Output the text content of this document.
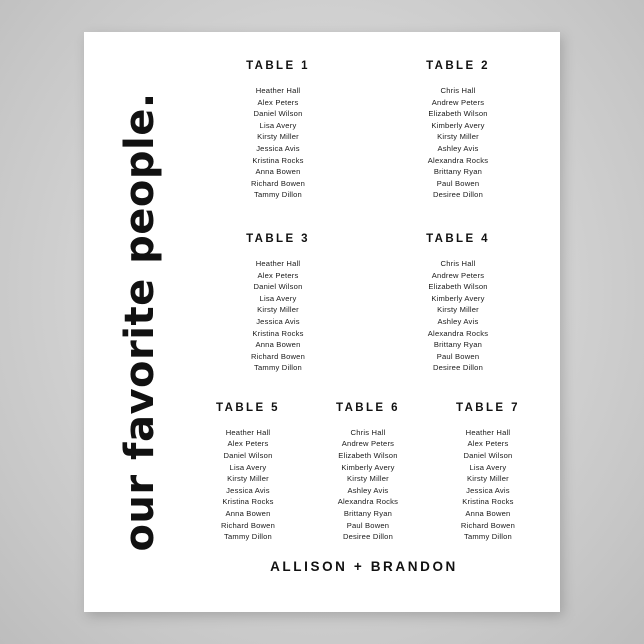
our favorite people.
TABLE 1
Heather Hall
Alex Peters
Daniel Wilson
Lisa Avery
Kirsty Miller
Jessica Avis
Kristina Rocks
Anna Bowen
Richard Bowen
Tammy Dillon
TABLE 2
Chris Hall
Andrew Peters
Elizabeth Wilson
Kimberly Avery
Kirsty Miller
Ashley Avis
Alexandra Rocks
Brittany Ryan
Paul Bowen
Desiree Dillon
TABLE 3
Heather Hall
Alex Peters
Daniel Wilson
Lisa Avery
Kirsty Miller
Jessica Avis
Kristina Rocks
Anna Bowen
Richard Bowen
Tammy Dillon
TABLE 4
Chris Hall
Andrew Peters
Elizabeth Wilson
Kimberly Avery
Kirsty Miller
Ashley Avis
Alexandra Rocks
Brittany Ryan
Paul Bowen
Desiree Dillon
TABLE 5
Heather Hall
Alex Peters
Daniel Wilson
Lisa Avery
Kirsty Miller
Jessica Avis
Kristina Rocks
Anna Bowen
Richard Bowen
Tammy Dillon
TABLE 6
Chris Hall
Andrew Peters
Elizabeth Wilson
Kimberly Avery
Kirsty Miller
Ashley Avis
Alexandra Rocks
Brittany Ryan
Paul Bowen
Desiree Dillon
TABLE 7
Heather Hall
Alex Peters
Daniel Wilson
Lisa Avery
Kirsty Miller
Jessica Avis
Kristina Rocks
Anna Bowen
Richard Bowen
Tammy Dillon
ALLISON + BRANDON
